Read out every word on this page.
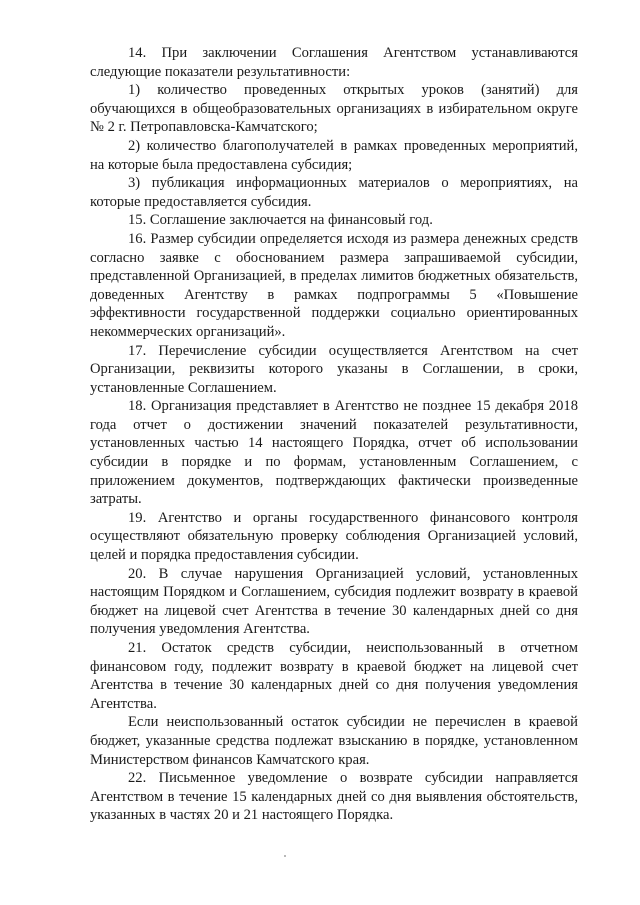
14. При заключении Соглашения Агентством устанавливаются следующие показатели результативности:

1) количество проведенных открытых уроков (занятий) для обучающихся в общеобразовательных организациях в избирательном округе № 2 г. Петропавловска-Камчатского;

2) количество благополучателей в рамках проведенных мероприятий, на которые была предоставлена субсидия;

3) публикация информационных материалов о мероприятиях, на которые предоставляется субсидия.

15. Соглашение заключается на финансовый год.

16. Размер субсидии определяется исходя из размера денежных средств согласно заявке с обоснованием размера запрашиваемой субсидии, представленной Организацией, в пределах лимитов бюджетных обязательств, доведенных Агентству в рамках подпрограммы 5 «Повышение эффективности государственной поддержки социально ориентированных некоммерческих организаций».

17. Перечисление субсидии осуществляется Агентством на счет Организации, реквизиты которого указаны в Соглашении, в сроки, установленные Соглашением.

18. Организация представляет в Агентство не позднее 15 декабря 2018 года отчет о достижении значений показателей результативности, установленных частью 14 настоящего Порядка, отчет об использовании субсидии в порядке и по формам, установленным Соглашением, с приложением документов, подтверждающих фактически произведенные затраты.

19. Агентство и органы государственного финансового контроля осуществляют обязательную проверку соблюдения Организацией условий, целей и порядка предоставления субсидии.

20. В случае нарушения Организацией условий, установленных настоящим Порядком и Соглашением, субсидия подлежит возврату в краевой бюджет на лицевой счет Агентства в течение 30 календарных дней со дня получения уведомления Агентства.

21. Остаток средств субсидии, неиспользованный в отчетном финансовом году, подлежит возврату в краевой бюджет на лицевой счет Агентства в течение 30 календарных дней со дня получения уведомления Агентства.

Если неиспользованный остаток субсидии не перечислен в краевой бюджет, указанные средства подлежат взысканию в порядке, установленном Министерством финансов Камчатского края.

22. Письменное уведомление о возврате субсидии направляется Агентством в течение 15 календарных дней со дня выявления обстоятельств, указанных в частях 20 и 21 настоящего Порядка.
